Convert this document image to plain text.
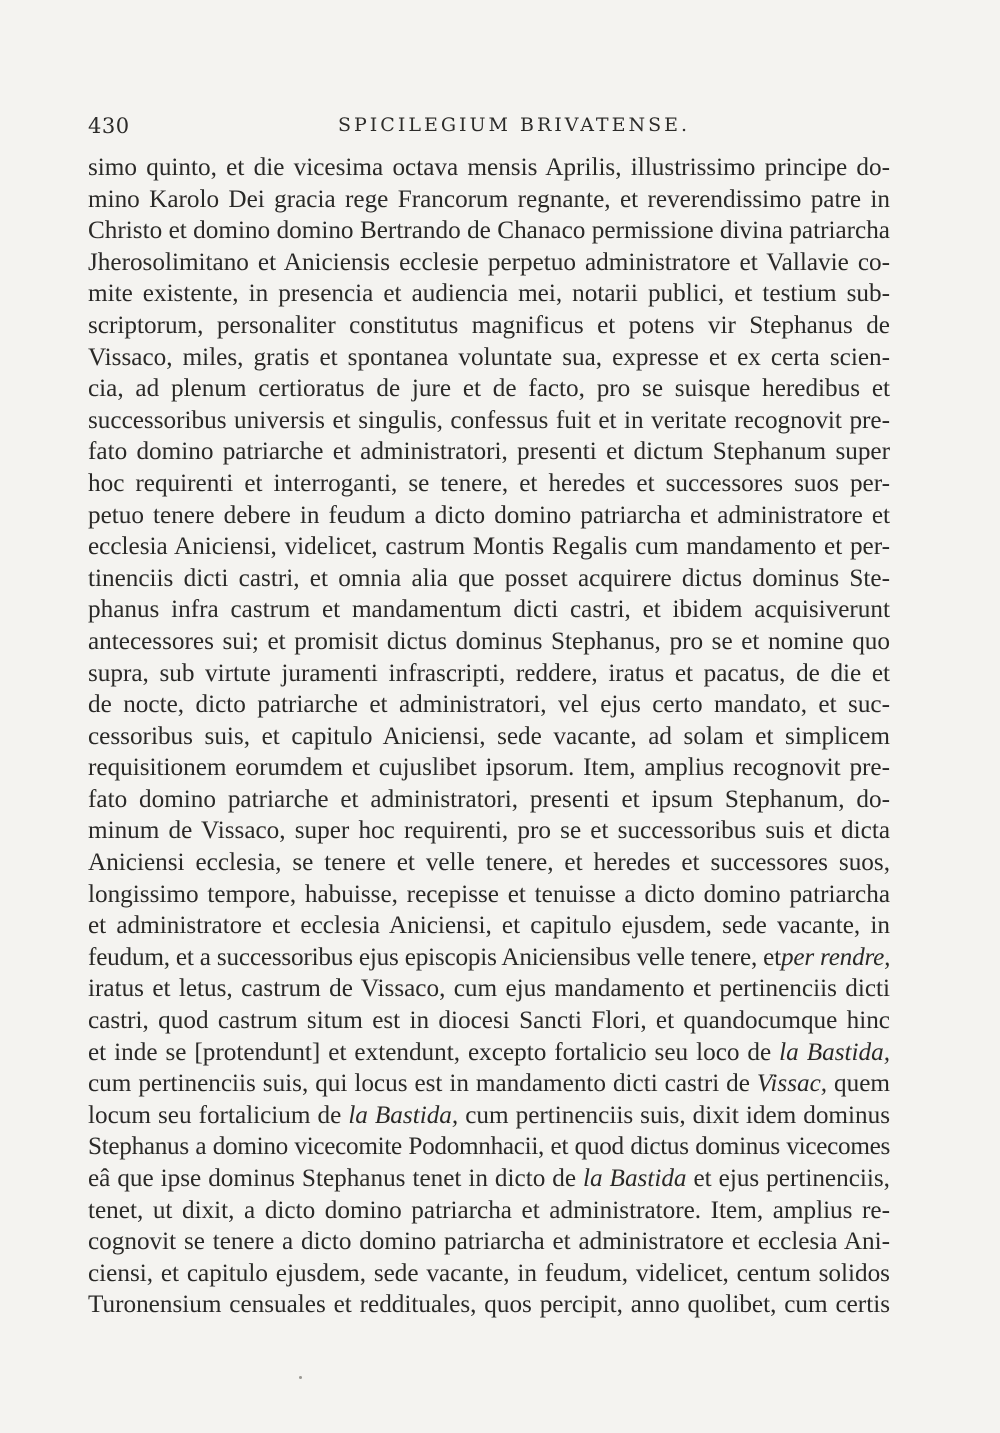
430	SPICILEGIUM BRIVATENSE.
simo quinto, et die vicesima octava mensis Aprilis, illustrissimo principe do-
mino Karolo Dei gracia rege Francorum regnante, et reverendissimo patre in
Christo et domino domino Bertrando de Chanaco permissione divina patriarcha
Jherosolimitano et Aniciensis ecclesie perpetuo administratore et Vallavie co-
mite existente, in presencia et audiencia mei, notarii publici, et testium sub-
scriptorum, personaliter constitutus magnificus et potens vir Stephanus de
Vissaco, miles, gratis et spontanea voluntate sua, expresse et ex certa scien-
cia, ad plenum certioratus de jure et de facto, pro se suisque heredibus et
successoribus universis et singulis, confessus fuit et in veritate recognovit pre-
fato domino patriarche et administratori, presenti et dictum Stephanum super
hoc requirenti et interroganti, se tenere, et heredes et successores suos per-
petuo tenere debere in feudum a dicto domino patriarcha et administratore et
ecclesia Aniciensi, videlicet, castrum Montis Regalis cum mandamento et per-
tinenciis dicti castri, et omnia alia que posset acquirere dictus dominus Ste-
phanus infra castrum et mandamentum dicti castri, et ibidem acquisiverunt
antecessores sui; et promisit dictus dominus Stephanus, pro se et nomine quo
supra, sub virtute juramenti infrascripti, reddere, iratus et pacatus, de die et
de nocte, dicto patriarche et administratori, vel ejus certo mandato, et suc-
cessoribus suis, et capitulo Aniciensi, sede vacante, ad solam et simplicem
requisitionem eorumdem et cujuslibet ipsorum. Item, amplius recognovit pre-
fato domino patriarche et administratori, presenti et ipsum Stephanum, do-
minum de Vissaco, super hoc requirenti, pro se et successoribus suis et dicta
Aniciensi ecclesia, se tenere et velle tenere, et heredes et successores suos,
longissimo tempore, habuisse, recepisse et tenuisse a dicto domino patriarcha
et administratore et ecclesia Aniciensi, et capitulo ejusdem, sede vacante, in
feudum, et a successoribus ejus episcopis Aniciensibus velle tenere, etper rendre,
iratus et letus, castrum de Vissaco, cum ejus mandamento et pertinenciis dicti
castri, quod castrum situm est in diocesi Sancti Flori, et quandocumque hinc
et inde se [protendunt] et extendunt, excepto fortalicio seu loco de la Bastida,
cum pertinenciis suis, qui locus est in mandamento dicti castri de Vissac, quem
locum seu fortalicium de la Bastida, cum pertinenciis suis, dixit idem dominus
Stephanus a domino vicecomite Podomnhacii, et quod dictus dominus vicecomes
eâ que ipse dominus Stephanus tenet in dicto de la Bastida et ejus pertinenciis,
tenet, ut dixit, a dicto domino patriarcha et administratore. Item, amplius re-
cognovit se tenere a dicto domino patriarcha et administratore et ecclesia Ani-
ciensi, et capitulo ejusdem, sede vacante, in feudum, videlicet, centum solidos
Turonensium censuales et reddituales, quos percipit, anno quolibet, cum certis
